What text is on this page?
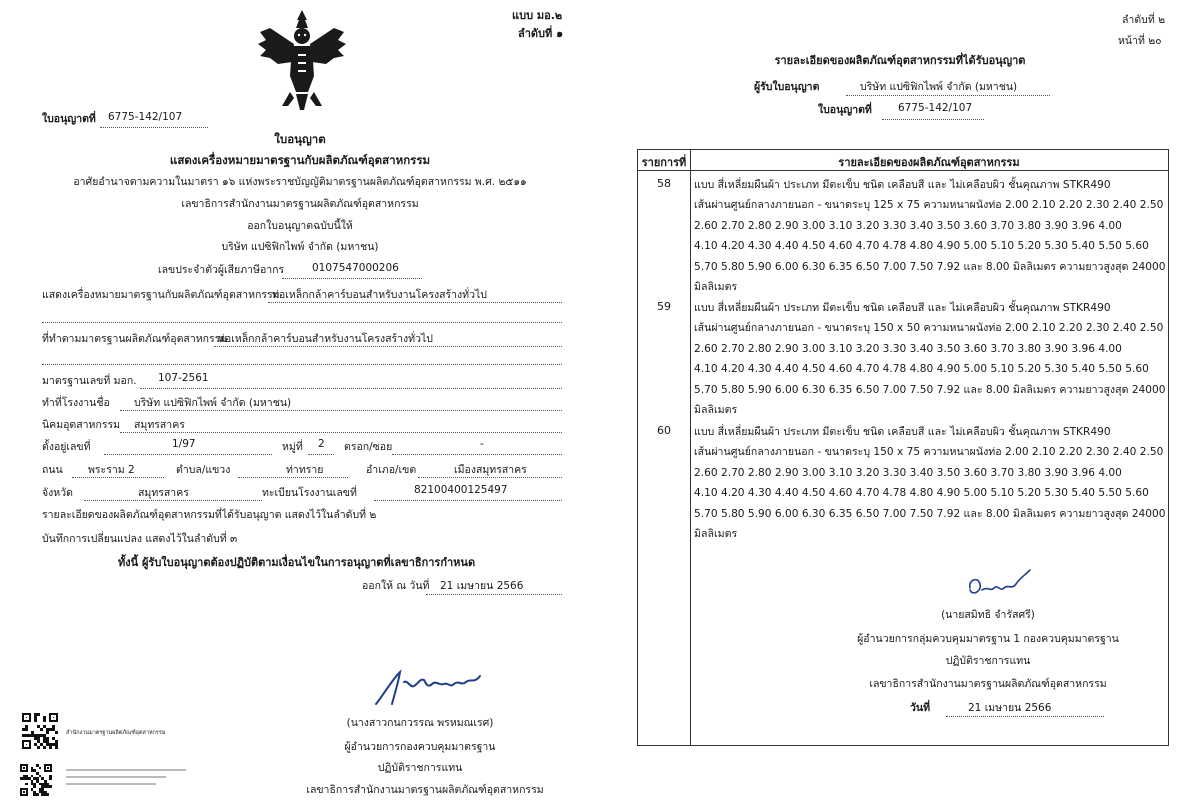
แบบ มอ.๒
ลำดับที่ ๑
ใบอนุญาตที่ 6775-142/107
ใบอนุญาต
แสดงเครื่องหมายมาตรฐานกับผลิตภัณฑ์อุตสาหกรรม
อาศัยอำนาจตามความในมาตรา ๑๖ แห่งพระราชบัญญัติมาตรฐานผลิตภัณฑ์อุตสาหกรรม พ.ศ. ๒๕๑๑
เลขาธิการสำนักงานมาตรฐานผลิตภัณฑ์อุตสาหกรรม
ออกใบอนุญาตฉบับนี้ให้
บริษัท แปซิฟิกไพพ์ จำกัด (มหาชน)
เลขประจำตัวผู้เสียภาษีอากร	0107547000206
แสดงเครื่องหมายมาตรฐานกับผลิตภัณฑ์อุตสาหกรรม
ท่อเหล็กกล้าคาร์บอนสำหรับงานโครงสร้างทั่วไป
ที่ทำตามมาตรฐานผลิตภัณฑ์อุตสาหกรรม
ท่อเหล็กกล้าคาร์บอนสำหรับงานโครงสร้างทั่วไป
มาตรฐานเลขที่ มอก. 107-2561
ทำที่โรงงานชื่อ บริษัท แปซิฟิกไพพ์ จำกัด (มหาชน)
นิคมอุตสาหกรรม สมุทรสาคร
ตั้งอยู่เลขที่	1/97	หมู่ที่ 2 ตรอก/ซอย	-
ถนน พระราม 2	ตำบล/แขวง	ท่าทราย	อำเภอ/เขต	เมืองสมุทรสาคร
จังหวัด	สมุทรสาคร	ทะเบียนโรงงานเลขที่	82100400125497
รายละเอียดของผลิตภัณฑ์อุตสาหกรรมที่ได้รับอนุญาต แสดงไว้ในลำดับที่ ๒
บันทึกการเปลี่ยนแปลง แสดงไว้ในลำดับที่ ๓
ทั้งนี้ ผู้รับใบอนุญาตต้องปฏิบัติตามเงื่อนไขในการอนุญาตที่เลขาธิการกำหนด
ออกให้ ณ วันที่ 21 เมษายน 2566
(นางสาวกนกวรรณ พรหมณเรศ)
ผู้อำนวยการกองควบคุมมาตรฐาน
ปฏิบัติราชการแทน
เลขาธิการสำนักงานมาตรฐานผลิตภัณฑ์อุตสาหกรรม
สำนักงานมาตรฐานผลิตภัณฑ์อุตสาหกรรม
ลำดับที่ ๒
หน้าที่ ๒๐
รายละเอียดของผลิตภัณฑ์อุตสาหกรรมที่ได้รับอนุญาต
ผู้รับใบอนุญาต	บริษัท แปซิฟิกไพพ์ จำกัด (มหาชน)
ใบอนุญาตที่ 6775-142/107
รายการที่	รายละเอียดของผลิตภัณฑ์อุตสาหกรรม
58	แบบ สี่เหลี่ยมผืนผ้า ประเภท มีตะเข็บ ชนิด เคลือบสี และ ไม่เคลือบผิว ชั้นคุณภาพ STKR490
เส้นผ่านศูนย์กลางภายนอก - ขนาดระบุ 125 x 75 ความหนาผนังท่อ 2.00 2.10 2.20 2.30 2.40 2.50
2.60 2.70 2.80 2.90 3.00 3.10 3.20 3.30 3.40 3.50 3.60 3.70 3.80 3.90 3.96 4.00
4.10 4.20 4.30 4.40 4.50 4.60 4.70 4.78 4.80 4.90 5.00 5.10 5.20 5.30 5.40 5.50 5.60
5.70 5.80 5.90 6.00 6.30 6.35 6.50 7.00 7.50 7.92 และ 8.00 มิลลิเมตร ความยาวสูงสุด 24000
มิลลิเมตร
59	แบบ สี่เหลี่ยมผืนผ้า ประเภท มีตะเข็บ ชนิด เคลือบสี และ ไม่เคลือบผิว ชั้นคุณภาพ STKR490
เส้นผ่านศูนย์กลางภายนอก - ขนาดระบุ 150 x 50 ความหนาผนังท่อ 2.00 2.10 2.20 2.30 2.40 2.50
2.60 2.70 2.80 2.90 3.00 3.10 3.20 3.30 3.40 3.50 3.60 3.70 3.80 3.90 3.96 4.00
4.10 4.20 4.30 4.40 4.50 4.60 4.70 4.78 4.80 4.90 5.00 5.10 5.20 5.30 5.40 5.50 5.60
5.70 5.80 5.90 6.00 6.30 6.35 6.50 7.00 7.50 7.92 และ 8.00 มิลลิเมตร ความยาวสูงสุด 24000
มิลลิเมตร
60	แบบ สี่เหลี่ยมผืนผ้า ประเภท มีตะเข็บ ชนิด เคลือบสี และ ไม่เคลือบผิว ชั้นคุณภาพ STKR490
เส้นผ่านศูนย์กลางภายนอก - ขนาดระบุ 150 x 75 ความหนาผนังท่อ 2.00 2.10 2.20 2.30 2.40 2.50
2.60 2.70 2.80 2.90 3.00 3.10 3.20 3.30 3.40 3.50 3.60 3.70 3.80 3.90 3.96 4.00
4.10 4.20 4.30 4.40 4.50 4.60 4.70 4.78 4.80 4.90 5.00 5.10 5.20 5.30 5.40 5.50 5.60
5.70 5.80 5.90 6.00 6.30 6.35 6.50 7.00 7.50 7.92 และ 8.00 มิลลิเมตร ความยาวสูงสุด 24000
มิลลิเมตร
(นายสมิทธิ จำรัสศรี)
ผู้อำนวยการกลุ่มควบคุมมาตรฐาน 1 กองควบคุมมาตรฐาน
ปฏิบัติราชการแทน
เลขาธิการสำนักงานมาตรฐานผลิตภัณฑ์อุตสาหกรรม
วันที่	21 เมษายน 2566
